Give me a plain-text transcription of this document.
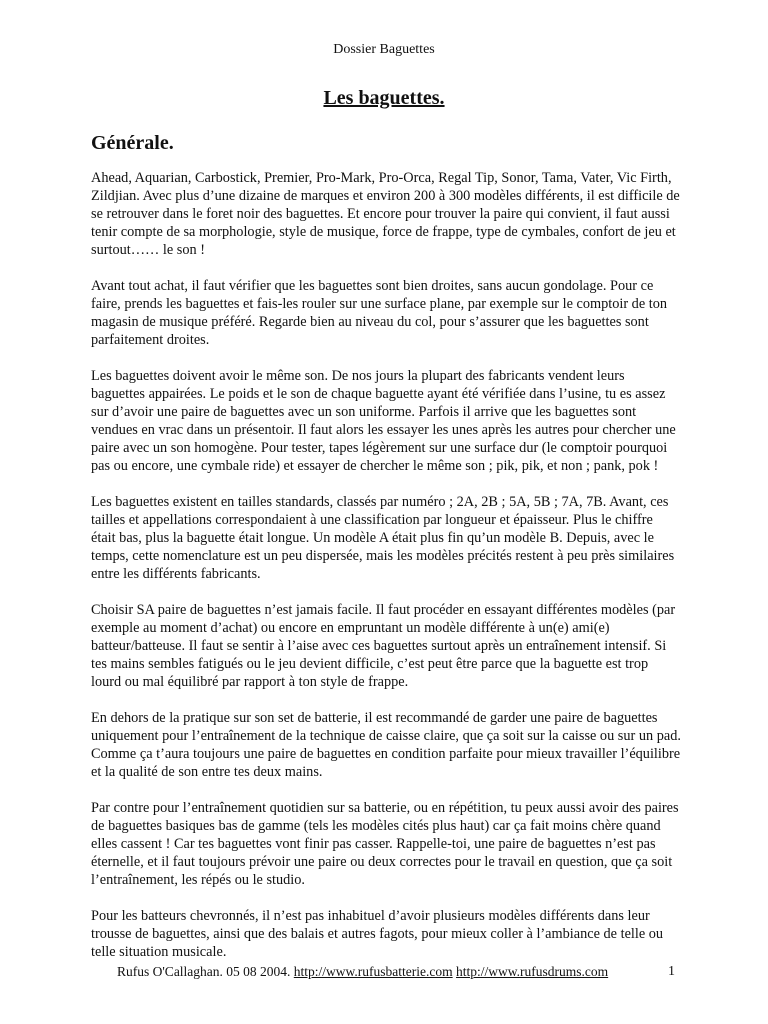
Dossier Baguettes
Les baguettes.
Générale.

Ahead, Aquarian, Carbostick, Premier, Pro-Mark, Pro-Orca, Regal Tip, Sonor, Tama, Vater, Vic Firth, Zildjian. Avec plus d’une dizaine de marques et environ 200 à 300 modèles différents, il est difficile de se retrouver dans le foret noir des baguettes. Et encore pour trouver la paire qui convient, il faut aussi tenir compte de sa morphologie, style de musique, force de frappe, type de cymbales, confort de jeu et surtout…… le son !

Avant tout achat, il faut vérifier que les baguettes sont bien droites, sans aucun gondolage. Pour ce faire, prends les baguettes et fais-les rouler sur une surface plane, par exemple sur le comptoir de ton magasin de musique préféré. Regarde bien au niveau du col, pour s’assurer que les baguettes sont parfaitement droites.

Les baguettes doivent avoir le même son. De nos jours la plupart des fabricants vendent leurs baguettes appairées. Le poids et le son de chaque baguette ayant été vérifiée dans l’usine, tu es assez sur d’avoir une paire de baguettes avec un son uniforme. Parfois il arrive que les baguettes sont vendues en vrac dans un présentoir. Il faut alors les essayer les unes après les autres pour chercher une paire avec un son homogène. Pour tester, tapes légèrement sur une surface dur (le comptoir pourquoi pas ou encore, une cymbale ride) et essayer de chercher le même son ; pik, pik, et non ; pank, pok !

Les baguettes existent en tailles standards, classés par numéro ; 2A, 2B ; 5A, 5B ; 7A, 7B. Avant, ces tailles et appellations correspondaient à une classification par longueur et épaisseur. Plus le chiffre était bas, plus la baguette était longue. Un modèle A était plus fin qu’un modèle B. Depuis, avec le temps, cette nomenclature est un peu dispersée, mais les modèles précités restent à peu près similaires entre les différents fabricants.

Choisir SA paire de baguettes n’est jamais facile. Il faut procéder en essayant différentes modèles (par exemple au moment d’achat) ou encore en empruntant un modèle différente à un(e) ami(e) batteur/batteuse. Il faut se sentir à l’aise avec ces baguettes surtout après un entraînement intensif. Si tes mains sembles fatigués ou le jeu devient difficile, c’est peut être parce que la baguette est trop lourd ou mal équilibré par rapport à ton style de frappe.

En dehors de la pratique sur son set de batterie, il est recommandé de garder une paire de baguettes uniquement pour l’entraînement de la technique de caisse claire, que ça soit sur la caisse ou sur un pad. Comme ça t’aura toujours une paire de baguettes en condition parfaite pour mieux travailler l’équilibre et la qualité de son entre tes deux mains.

Par contre pour l’entraînement quotidien sur sa batterie, ou en répétition, tu peux aussi avoir des paires de baguettes basiques bas de gamme (tels les modèles cités plus haut) car ça fait moins chère quand elles cassent ! Car tes baguettes vont finir pas casser. Rappelle-toi, une paire de baguettes n’est pas éternelle, et il faut toujours prévoir une paire ou deux correctes pour le travail en question, que ça soit l’entraînement, les répés ou le studio.

Pour les batteurs chevronnés, il n’est pas inhabituel d’avoir plusieurs modèles différents dans leur trousse de baguettes, ainsi que des balais et autres fagots, pour mieux coller à l’ambiance de telle ou telle situation musicale.

Rufus O'Callaghan. 05 08 2004. http://www.rufusbatterie.com http://www.rufusdrums.com	1
